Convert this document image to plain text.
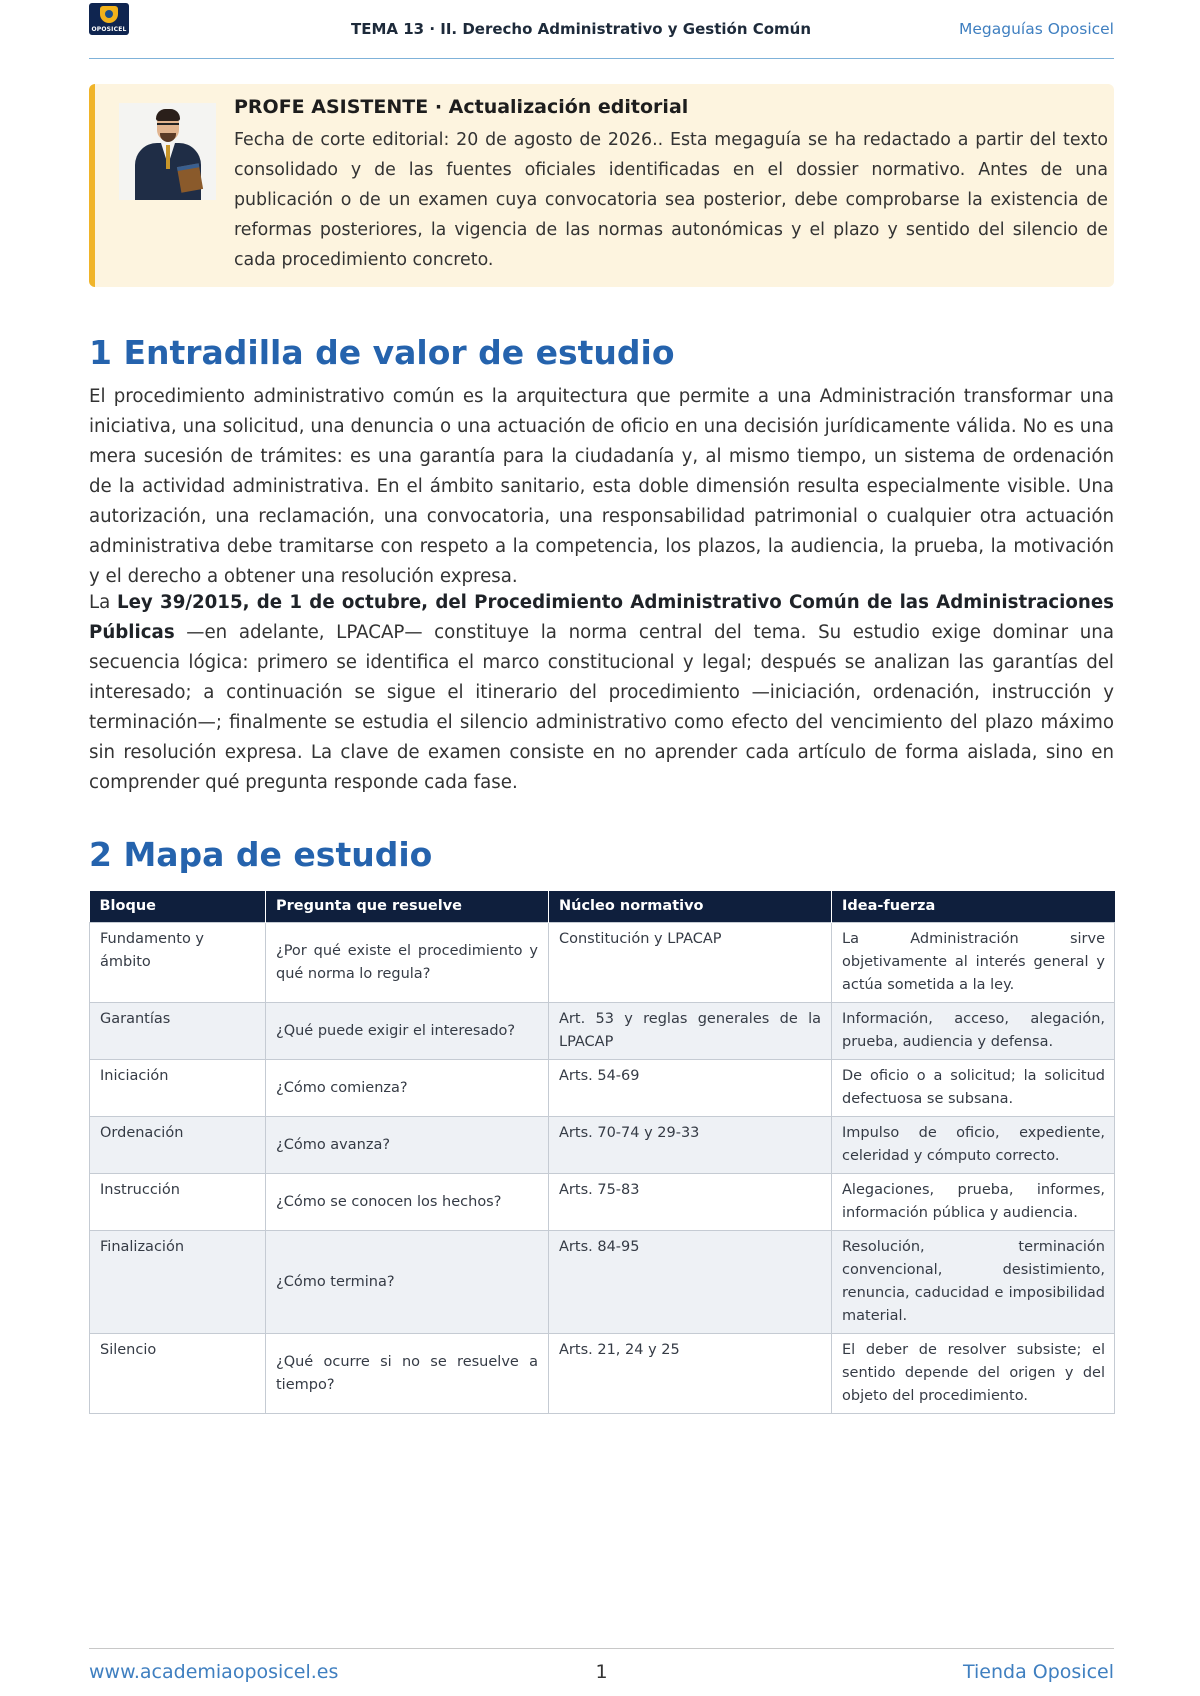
OPOSICEL	TEMA 13 · II. Derecho Administrativo y Gestión Común	Megaguías Oposicel
PROFE ASISTENTE · Actualización editorial

Fecha de corte editorial: 20 de agosto de 2026.. Esta megaguía se ha redactado a partir del texto consolidado y de las fuentes oficiales identificadas en el dossier normativo. Antes de una publicación o de un examen cuya convocatoria sea posterior, debe comprobarse la existencia de reformas posteriores, la vigencia de las normas autonómicas y el plazo y sentido del silencio de cada procedimiento concreto.

1 Entradilla de valor de estudio

El procedimiento administrativo común es la arquitectura que permite a una Administración transformar una iniciativa, una solicitud, una denuncia o una actuación de oficio en una decisión jurídicamente válida. No es una mera sucesión de trámites: es una garantía para la ciudadanía y, al mismo tiempo, un sistema de ordenación de la actividad administrativa. En el ámbito sanitario, esta doble dimensión resulta especialmente visible. Una autorización, una reclamación, una convocatoria, una responsabilidad patrimonial o cualquier otra actuación administrativa debe tramitarse con respeto a la competencia, los plazos, la audiencia, la prueba, la motivación y el derecho a obtener una resolución expresa.

La Ley 39/2015, de 1 de octubre, del Procedimiento Administrativo Común de las Administraciones Públicas —en adelante, LPACAP— constituye la norma central del tema. Su estudio exige dominar una secuencia lógica: primero se identifica el marco constitucional y legal; después se analizan las garantías del interesado; a continuación se sigue el itinerario del procedimiento —iniciación, ordenación, instrucción y terminación—; finalmente se estudia el silencio administrativo como efecto del vencimiento del plazo máximo sin resolución expresa. La clave de examen consiste en no aprender cada artículo de forma aislada, sino en comprender qué pregunta responde cada fase.

2 Mapa de estudio
Bloque	Pregunta que resuelve	Núcleo normativo	Idea-fuerza
Fundamento y ámbito	¿Por qué existe el procedimiento y qué norma lo regula?	Constitución y LPACAP	La Administración sirve objetivamente al interés general y actúa sometida a la ley.
Garantías	¿Qué puede exigir el interesado?	Art. 53 y reglas generales de la LPACAP	Información, acceso, alegación, prueba, audiencia y defensa.
Iniciación	¿Cómo comienza?	Arts. 54-69	De oficio o a solicitud; la solicitud defectuosa se subsana.
Ordenación	¿Cómo avanza?	Arts. 70-74 y 29-33	Impulso de oficio, expediente, celeridad y cómputo correcto.
Instrucción	¿Cómo se conocen los hechos?	Arts. 75-83	Alegaciones, prueba, informes, información pública y audiencia.
Finalización	¿Cómo termina?	Arts. 84-95	Resolución, terminación convencional, desistimiento, renuncia, caducidad e imposibilidad material.
Silencio	¿Qué ocurre si no se resuelve a tiempo?	Arts. 21, 24 y 25	El deber de resolver subsiste; el sentido depende del origen y del objeto del procedimiento.
www.academiaoposicel.es	1	Tienda Oposicel
